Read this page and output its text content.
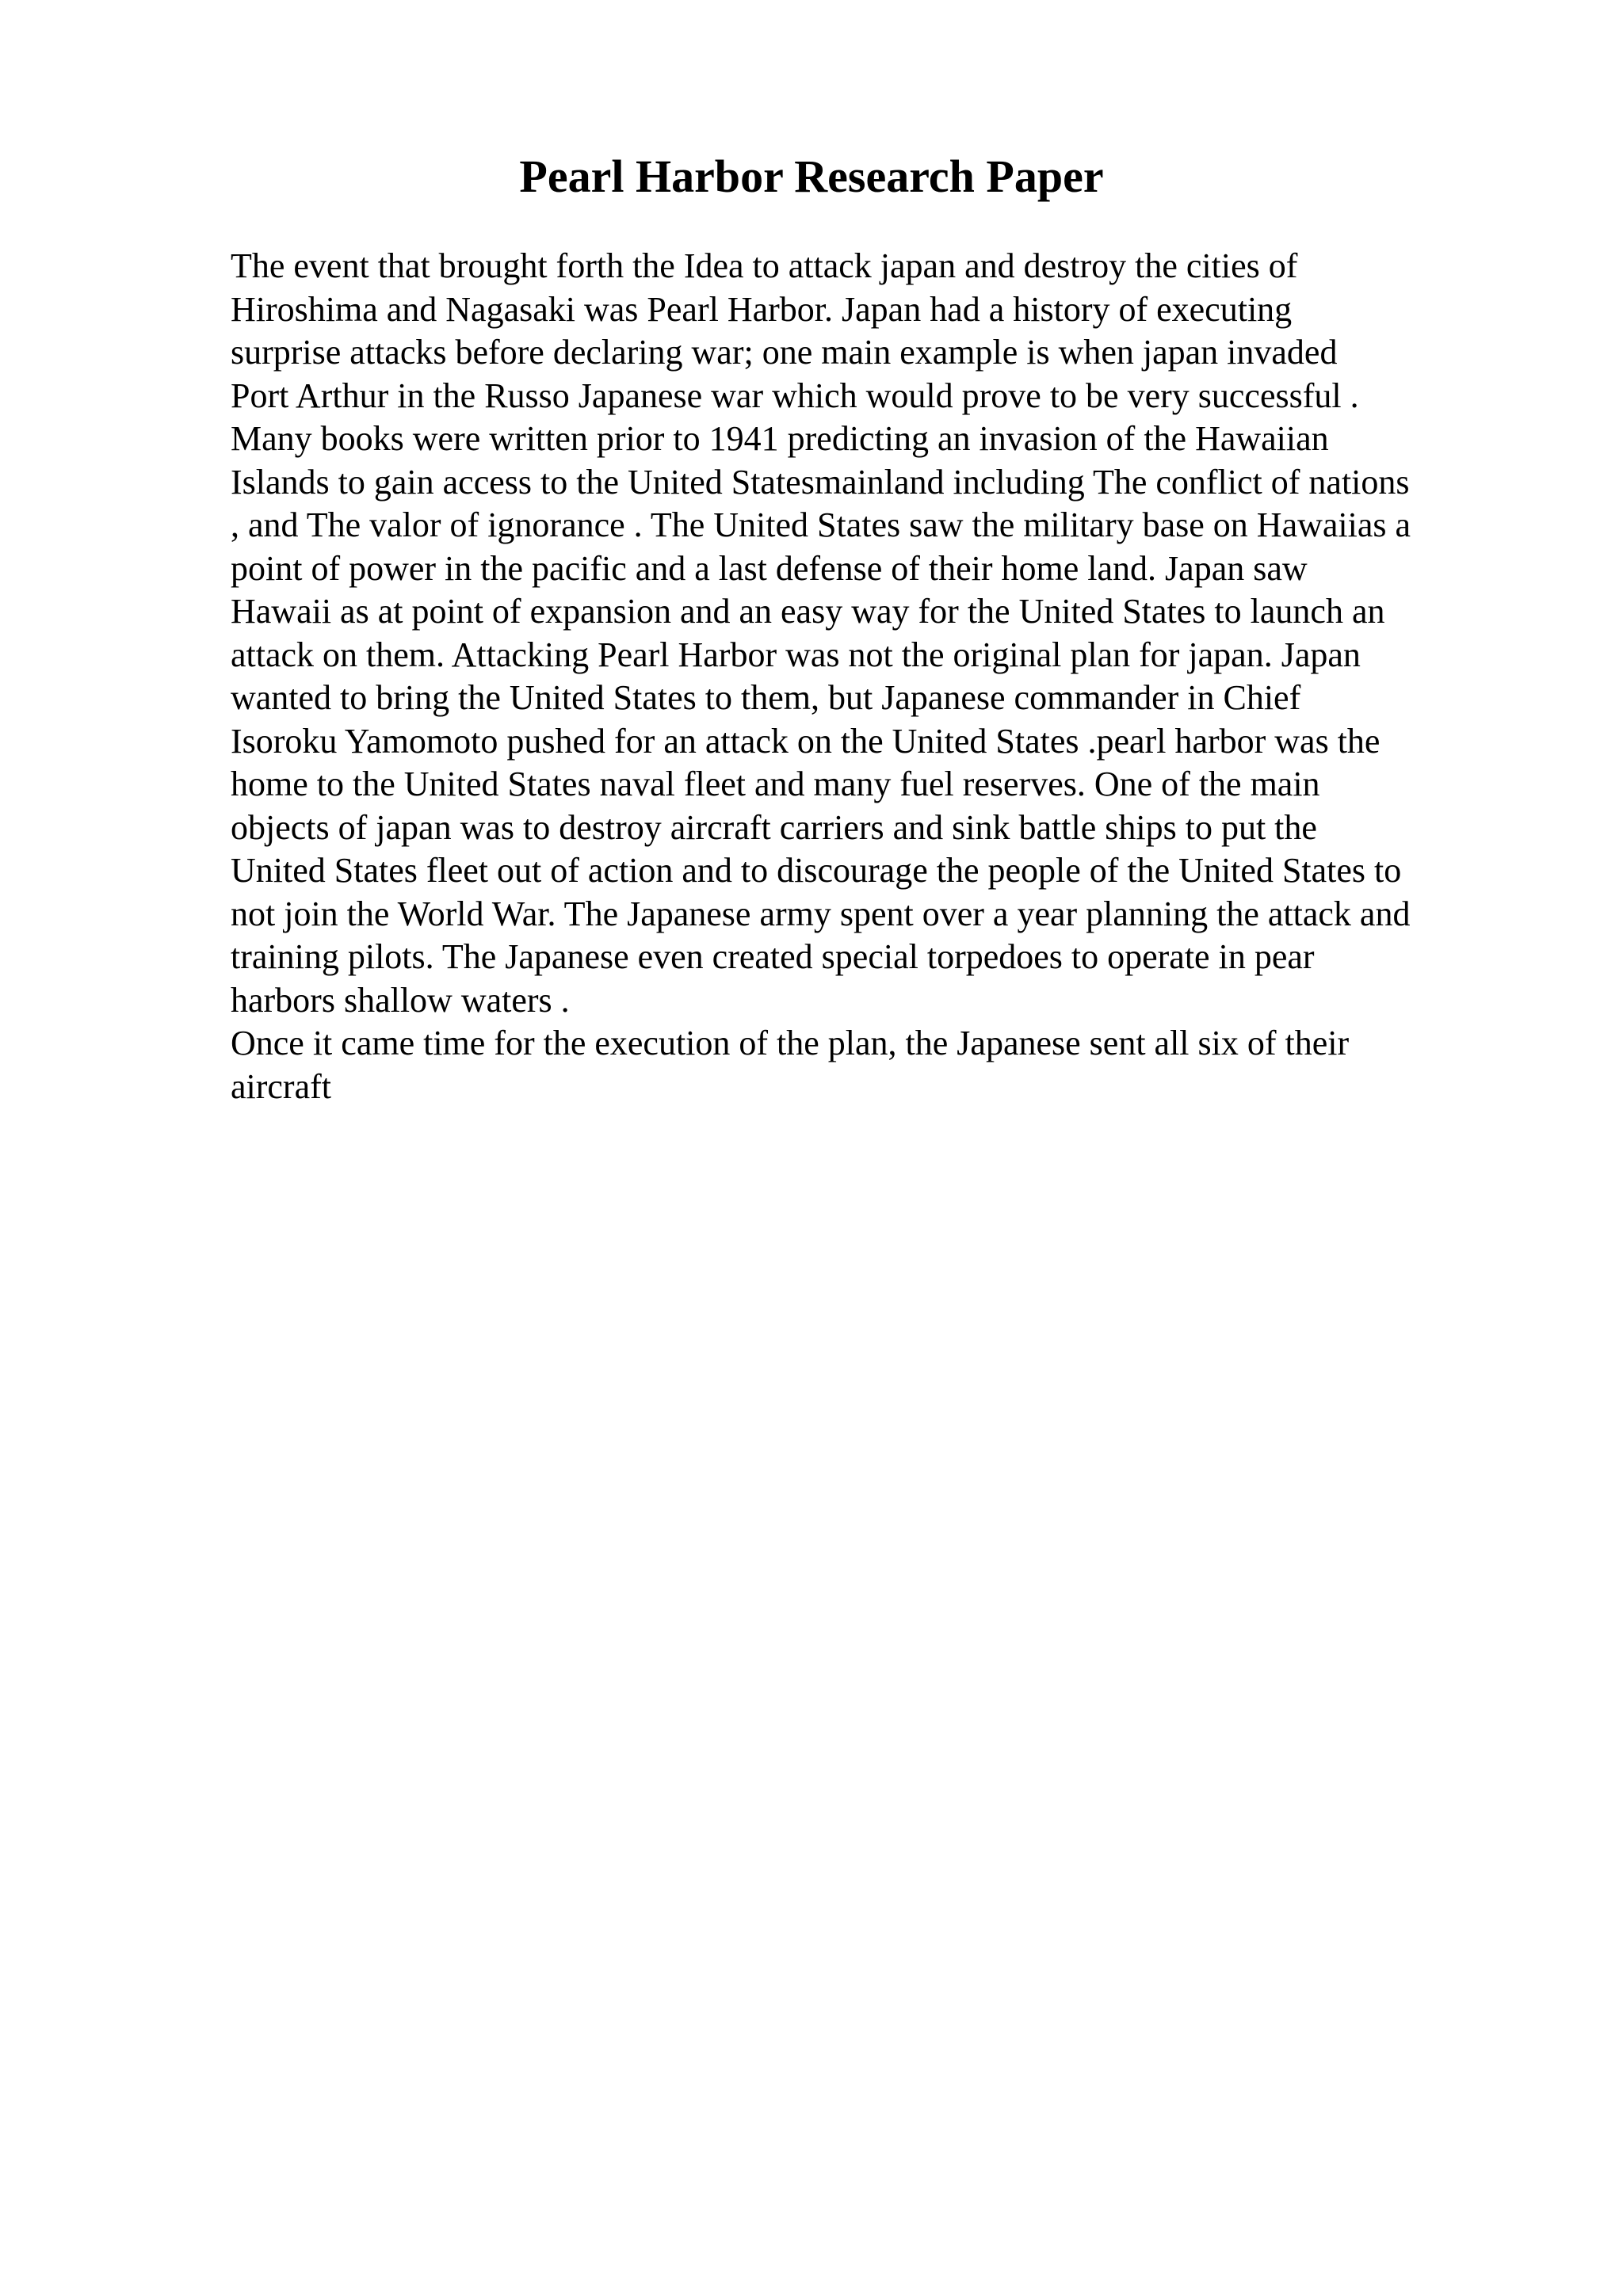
Pearl Harbor Research Paper
The event that brought forth the Idea to attack japan and destroy the cities of
Hiroshima and Nagasaki was Pearl Harbor. Japan had a history of executing
surprise attacks before declaring war; one main example is when japan invaded
Port Arthur in the Russo Japanese war which would prove to be very successful .
Many books were written prior to 1941 predicting an invasion of the Hawaiian
Islands to gain access to the United Statesmainland including The conflict of nations
, and The valor of ignorance . The United States saw the military base on Hawaiias a
point of power in the pacific and a last defense of their home land. Japan saw
Hawaii as at point of expansion and an easy way for the United States to launch an
attack on them. Attacking Pearl Harbor was not the original plan for japan. Japan
wanted to bring the United States to them, but Japanese commander in Chief
Isoroku Yamomoto pushed for an attack on the United States .pearl harbor was the
home to the United States naval fleet and many fuel reserves. One of the main
objects of japan was to destroy aircraft carriers and sink battle ships to put the
United States fleet out of action and to discourage the people of the United States to
not join the World War. The Japanese army spent over a year planning the attack and
training pilots. The Japanese even created special torpedoes to operate in pear
harbors shallow waters .
Once it came time for the execution of the plan, the Japanese sent all six of their
aircraft
